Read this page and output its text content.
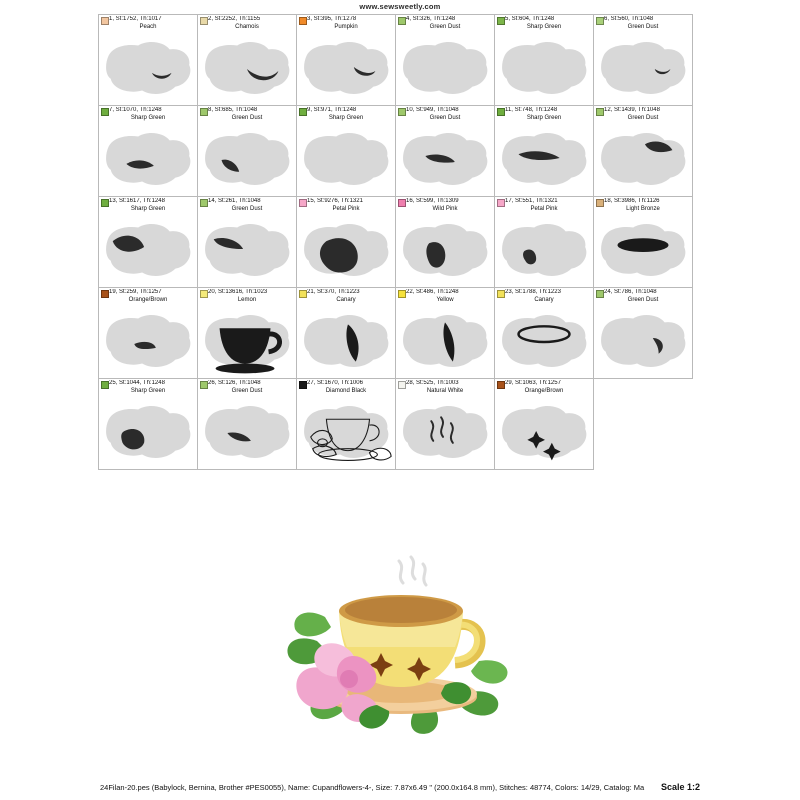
www.sewsweetly.com
1, St:1752, Th:1017
Peach
2, St:2252, Th:1155
Chamois
3, St:395, Th:1278
Pumpkin
4, St:326, Th:1248
Green Dust
5, St:604, Th:1248
Sharp Green
6, St:560, Th:1048
Green Dust
7, St:1070, Th:1248
Sharp Green
8, St:685, Th:1048
Green Dust
9, St:971, Th:1248
Sharp Green
10, St:949, Th:1048
Green Dust
11, St:748, Th:1248
Sharp Green
12, St:1439, Th:1048
Green Dust
13, St:1617, Th:1248
Sharp Green
14, St:261, Th:1048
Green Dust
15, St:9276, Th:1321
Petal Pink
16, St:599, Th:1309
Wild Pink
17, St:551, Th:1321
Petal Pink
18, St:3986, Th:1126
Light Bronze
19, St:259, Th:1257
Orange/Brown
20, St:13616, Th:1023
Lemon
21, St:370, Th:1223
Canary
22, St:486, Th:1248
Yellow
23, St:1788, Th:1223
Canary
24, St:786, Th:1048
Green Dust
25, St:1044, Th:1248
Sharp Green
26, St:126, Th:1048
Green Dust
27, St:1670, Th:1006
Diamond Black
28, St:525, Th:1003
Natural White
29, St:1063, Th:1257
Orange/Brown
24Filan-20.pes (Babylock, Bernina, Brother #PES0055), Name: Cupandflowers-4-, Size: 7.87x6.49 " (200.0x164.8 mm), Stitches: 48774, Colors: 14/29, Catalog: Ma	Scale 1:2
